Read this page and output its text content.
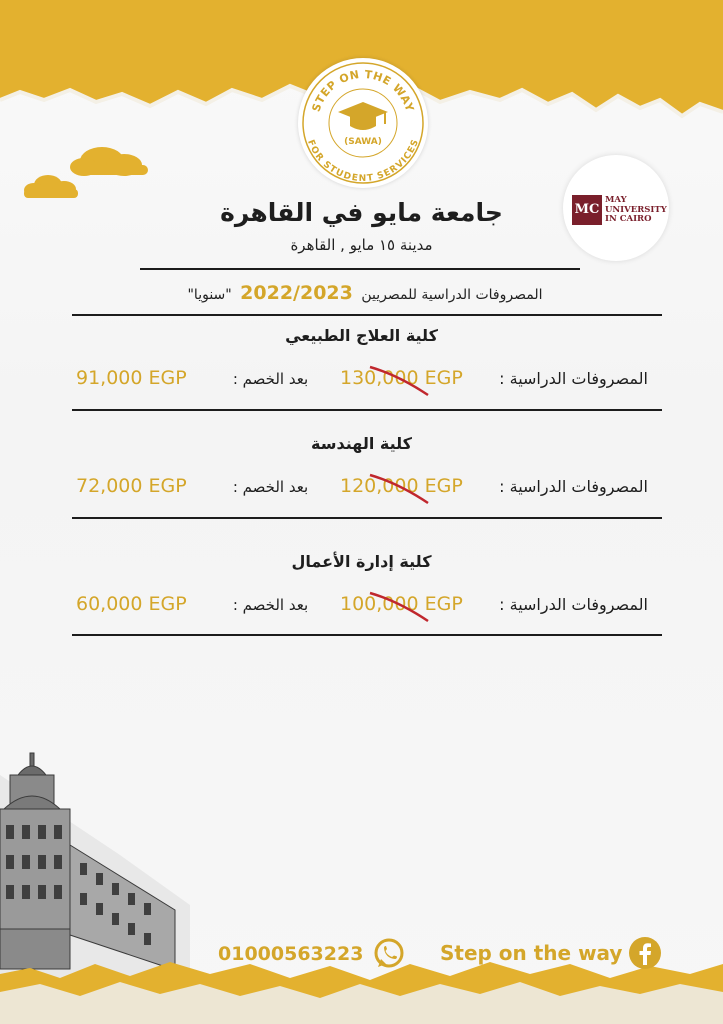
STEP ON THE WAY
FOR STUDENT SERVICES
(SAWA)
MC
MAY
UNIVERSITY
IN CAIRO
جامعة مايو في القاهرة
مدينة ١٥ مايو , القاهرة
المصروفات الدراسية للمصريين 2022/2023 "سنويا"
كلية العلاج الطبيعي
المصروفات الدراسية :
130,000 EGP
بعد الخصم :
91,000 EGP
كلية الهندسة
المصروفات الدراسية :
120,000 EGP
بعد الخصم :
72,000 EGP
كلية إدارة الأعمال
المصروفات الدراسية :
100,000 EGP
بعد الخصم :
60,000 EGP
01000563223	Step on the way
